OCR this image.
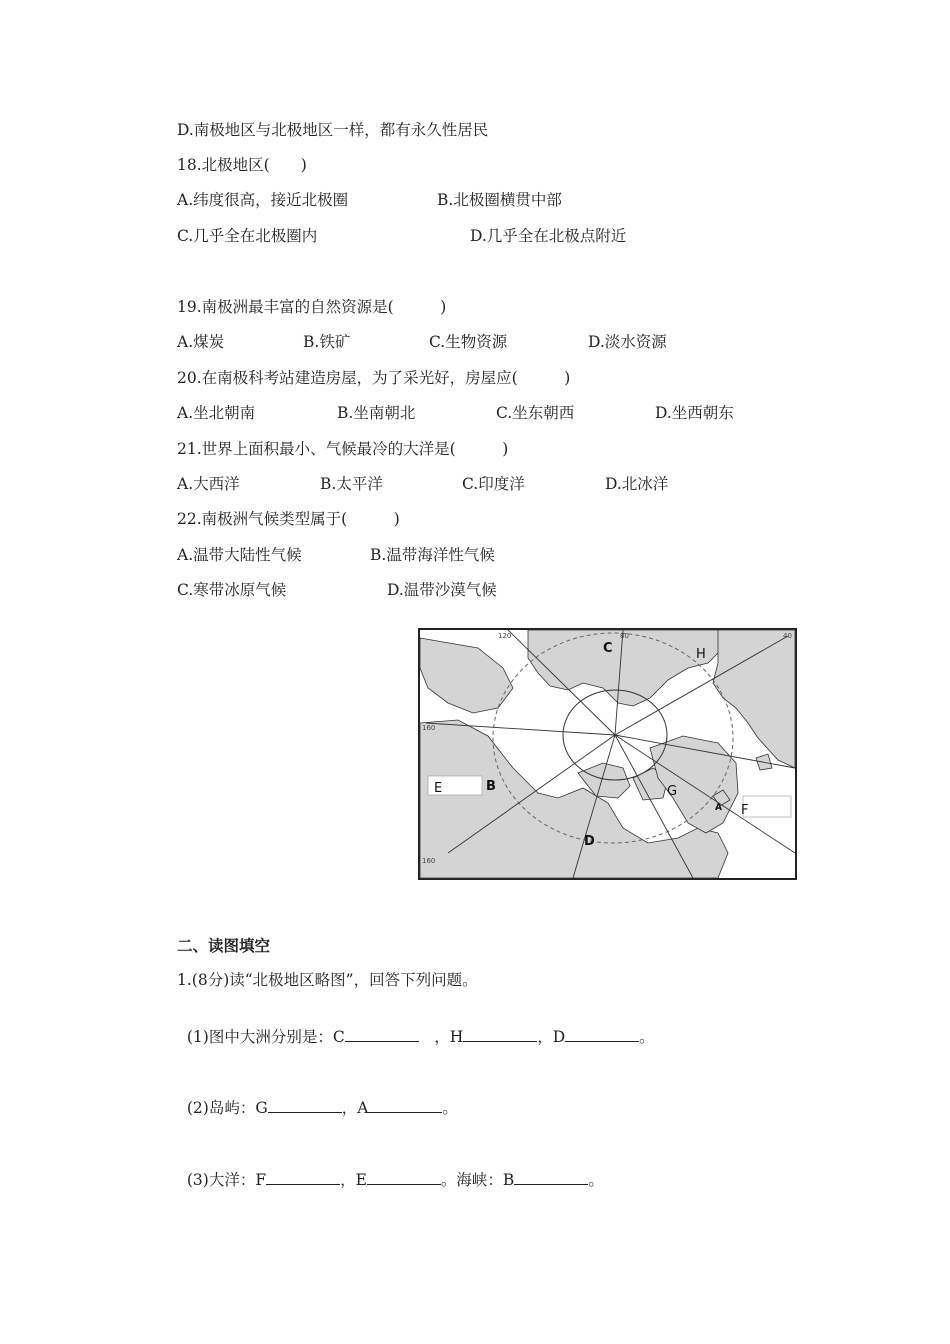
D.南极地区与北极地区一样，都有永久性居民
18.北极地区(　　)
A.纬度很高，接近北极圈	B.北极圈横贯中部
C.几乎全在北极圈内	D.几乎全在北极点附近
19.南极洲最丰富的自然资源是(　　　)
A.煤炭	B.铁矿	C.生物资源	D.淡水资源
20.在南极科考站建造房屋，为了采光好，房屋应(　　　)
A.坐北朝南	B.坐南朝北	C.坐东朝西	D.坐西朝东
21.世界上面积最小、气候最冷的大洋是(　　　)
A.大西洋	B.太平洋	C.印度洋	D.北冰洋
22.南极洲气候类型属于(　　　)
A.温带大陆性气候	B.温带海洋性气候
C.寒带冰原气候	D.温带沙漠气候
120	80	40
160
160
C	H
E	B	G
F
D
A
二、读图填空
1.(8分)读“北极地区略图”，回答下列问题。

(1)图中大洲分别是：C	　，H	，D	。

(2)岛屿：G	，A	。

(3)大洋：F	，E	。海峡：B	。
